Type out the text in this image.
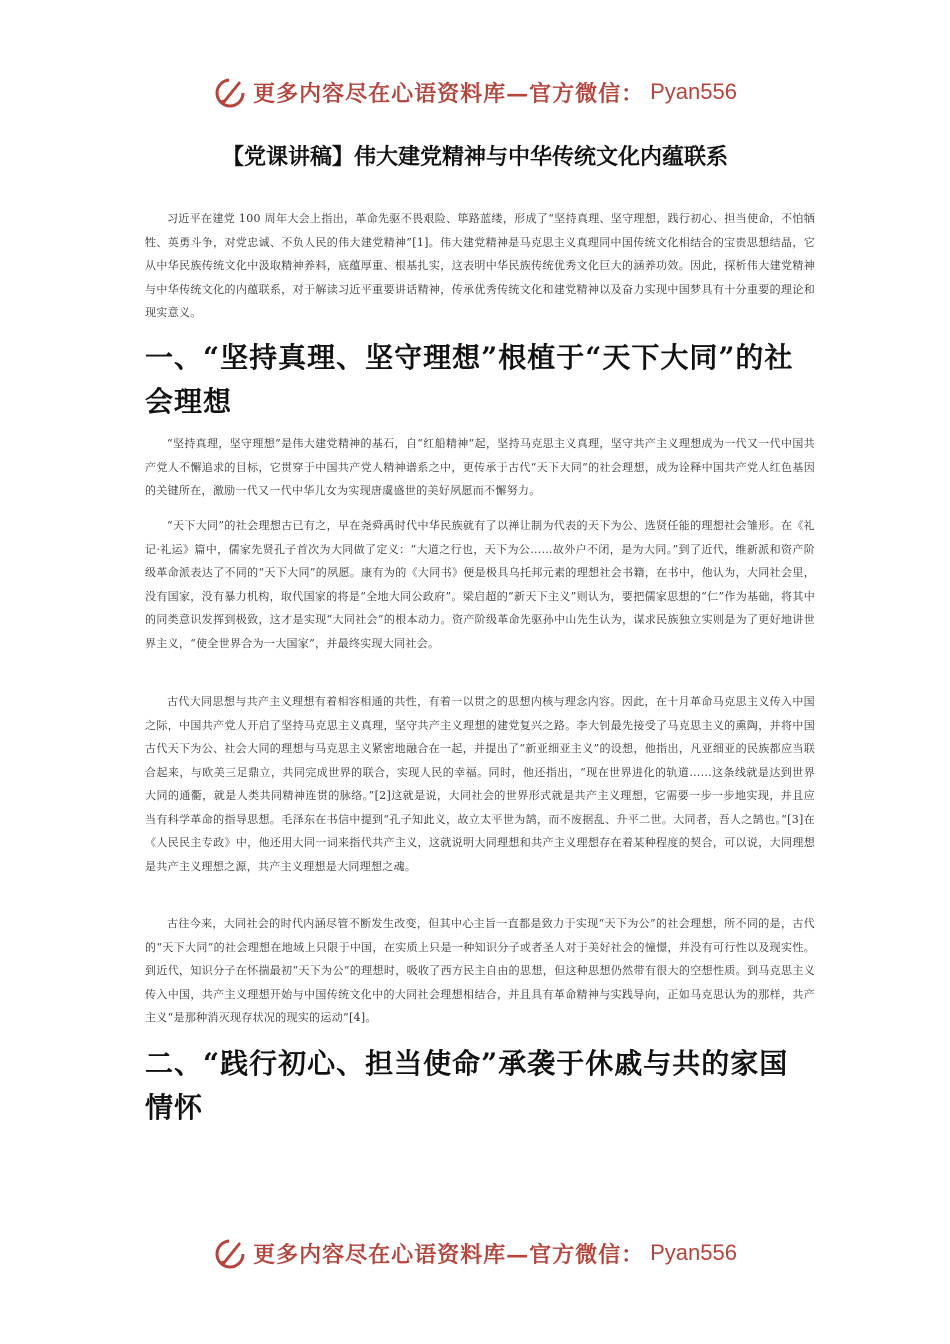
更多内容尽在心语资料库—官方微信： Pyan556
【党课讲稿】伟大建党精神与中华传统文化内蕴联系

习近平在建党 100 周年大会上指出，革命先驱不畏艰险、筚路蓝缕，形成了“坚持真理、坚守理想，践行初心、担当使命，不怕牺牲、英勇斗争，对党忠诚、不负人民的伟大建党精神”[1]。伟大建党精神是马克思主义真理同中国传统文化相结合的宝贵思想结晶，它从中华民族传统文化中汲取精神养料，底蕴厚重、根基扎实，这表明中华民族传统优秀文化巨大的涵养功效。因此，探析伟大建党精神与中华传统文化的内蕴联系，对于解读习近平重要讲话精神，传承优秀传统文化和建党精神以及奋力实现中国梦具有十分重要的理论和现实意义。

一、“坚持真理、坚守理想”根植于“天下大同”的社会理想

“坚持真理，坚守理想”是伟大建党精神的基石，自“红船精神”起，坚持马克思主义真理，坚守共产主义理想成为一代又一代中国共产党人不懈追求的目标，它贯穿于中国共产党人精神谱系之中，更传承于古代“天下大同”的社会理想，成为诠释中国共产党人红色基因的关键所在，激励一代又一代中华儿女为实现唐虞盛世的美好夙愿而不懈努力。

“天下大同”的社会理想古已有之，早在尧舜禹时代中华民族就有了以禅让制为代表的天下为公、选贤任能的理想社会雏形。在《礼记·礼运》篇中，儒家先贤孔子首次为大同做了定义：“大道之行也，天下为公……故外户不闭，是为大同。”到了近代，维新派和资产阶级革命派表达了不同的“天下大同”的夙愿。康有为的《大同书》便是极具乌托邦元素的理想社会书籍，在书中，他认为，大同社会里，没有国家，没有暴力机构，取代国家的将是“全地大同公政府”。梁启超的“新天下主义”则认为，要把儒家思想的“仁”作为基础，将其中的同类意识发挥到极致，这才是实现“大同社会”的根本动力。资产阶级革命先驱孙中山先生认为，谋求民族独立实则是为了更好地讲世界主义，“使全世界合为一大国家”，并最终实现大同社会。

古代大同思想与共产主义理想有着相容相通的共性，有着一以贯之的思想内核与理念内容。因此，在十月革命马克思主义传入中国之际，中国共产党人开启了坚持马克思主义真理，坚守共产主义理想的建党复兴之路。李大钊最先接受了马克思主义的熏陶，并将中国古代天下为公、社会大同的理想与马克思主义紧密地融合在一起，并提出了“新亚细亚主义”的设想，他指出，凡亚细亚的民族都应当联合起来，与欧美三足鼎立，共同完成世界的联合，实现人民的幸福。同时，他还指出，“现在世界进化的轨道……这条线就是达到世界大同的通衢，就是人类共同精神连贯的脉络。”[2]这就是说，大同社会的世界形式就是共产主义理想，它需要一步一步地实现，并且应当有科学革命的指导思想。毛泽东在书信中提到“孔子知此义，故立太平世为鹄，而不废据乱、升平二世。大同者，吾人之鹄也。”[3]在《人民民主专政》中，他还用大同一词来指代共产主义，这就说明大同理想和共产主义理想存在着某种程度的契合，可以说，大同理想是共产主义理想之源，共产主义理想是大同理想之魂。

古往今来，大同社会的时代内涵尽管不断发生改变，但其中心主旨一直都是致力于实现“天下为公”的社会理想，所不同的是，古代的“天下大同”的社会理想在地域上只限于中国，在实质上只是一种知识分子或者圣人对于美好社会的憧憬，并没有可行性以及现实性。到近代，知识分子在怀揣最初“天下为公”的理想时，吸收了西方民主自由的思想，但这种思想仍然带有很大的空想性质。到马克思主义传入中国，共产主义理想开始与中国传统文化中的大同社会理想相结合，并且具有革命精神与实践导向，正如马克思认为的那样，共产主义“是那种消灭现存状况的现实的运动”[4]。

二、“践行初心、担当使命”承袭于休戚与共的家国情怀
更多内容尽在心语资料库—官方微信： Pyan556
